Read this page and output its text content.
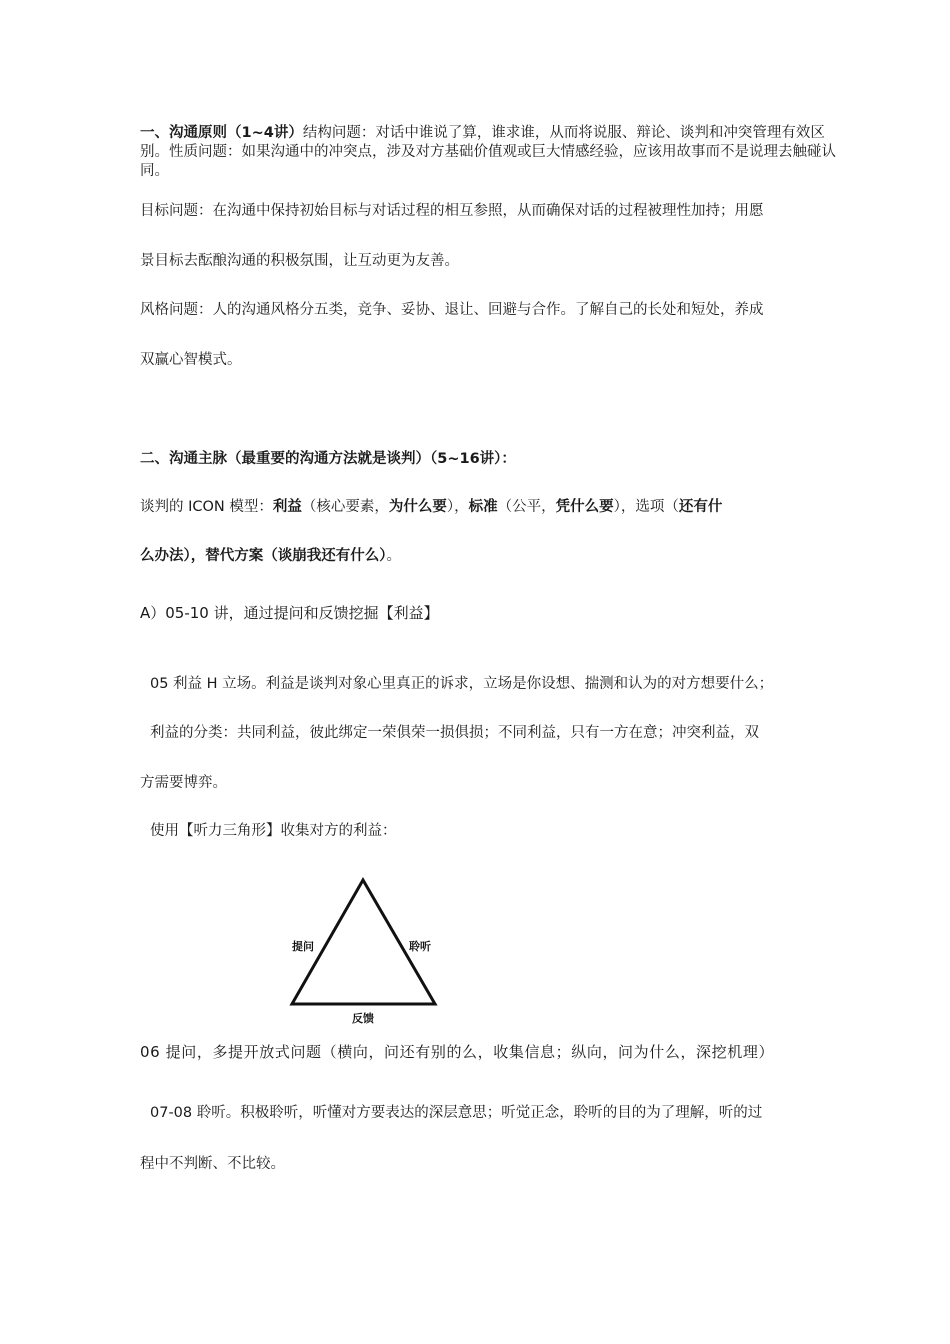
一、沟通原则（1~4讲）结构问题：对话中谁说了算，谁求谁，从而将说服、辩论、谈判和冲突管理有效区别。性质问题：如果沟通中的冲突点，涉及对方基础价值观或巨大情感经验，应该用故事而不是说理去触碰认同。

目标问题：在沟通中保持初始目标与对话过程的相互参照，从而确保对话的过程被理性加持；用愿

景目标去酝酿沟通的积极氛围，让互动更为友善。

风格问题：人的沟通风格分五类，竞争、妥协、退让、回避与合作。了解自己的长处和短处，养成

双赢心智模式。

二、沟通主脉（最重要的沟通方法就是谈判）（5~16讲）：

谈判的 ICON 模型：利益（核心要素，为什么要），标准（公平，凭什么要），选项（还有什

么办法），替代方案（谈崩我还有什么）。

A）05-10 讲，通过提问和反馈挖掘【利益】

05 利益 H 立场。利益是谈判对象心里真正的诉求，立场是你设想、揣测和认为的对方想要什么；

利益的分类：共同利益，彼此绑定一荣俱荣一损俱损；不同利益，只有一方在意；冲突利益，双

方需要博弈。

使用【听力三角形】收集对方的利益：

提问	聆听
反馈

06 提问，多提开放式问题（横向，问还有别的么，收集信息；纵向，问为什么，深挖机理）

07-08 聆听。积极聆听，听懂对方要表达的深层意思；听觉正念，聆听的目的为了理解，听的过

程中不判断、不比较。
